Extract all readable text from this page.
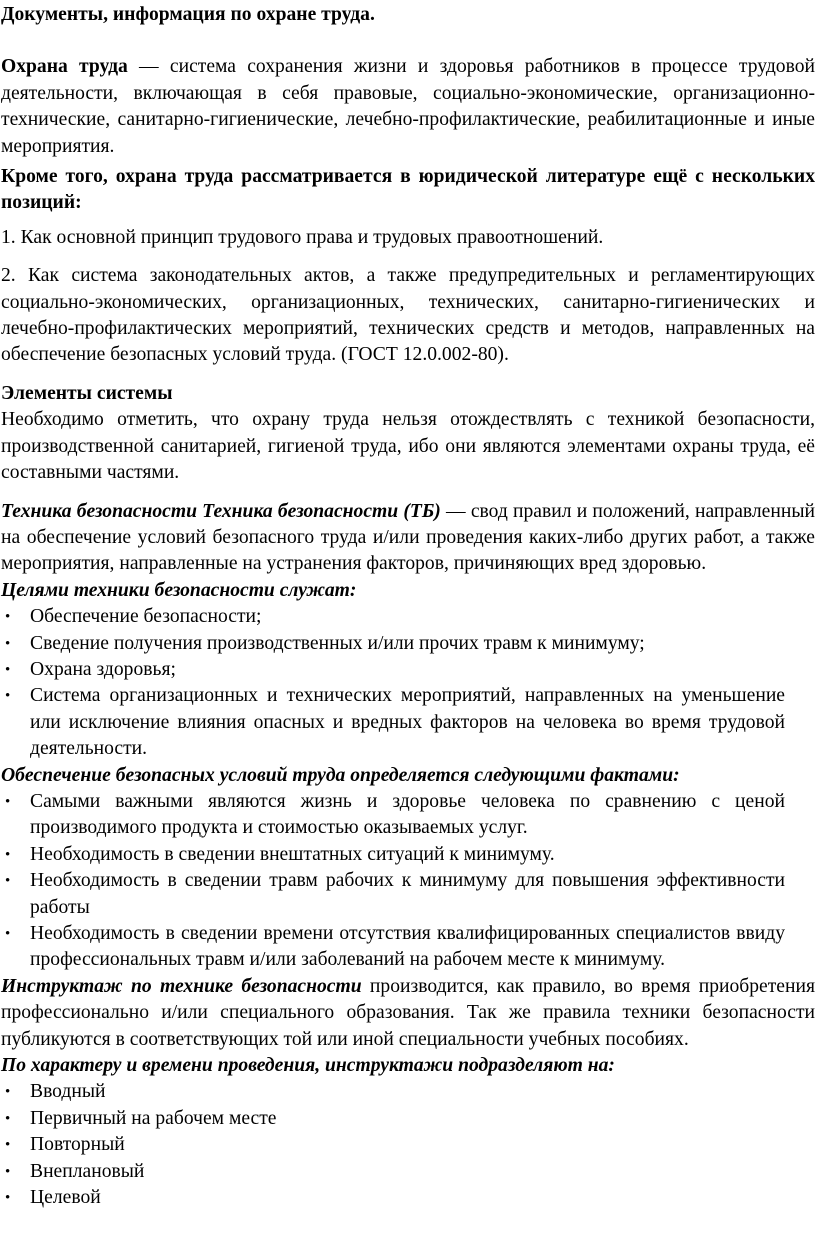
Документы, информация по охране труда.

Охрана труда — система сохранения жизни и здоровья работников в процессе трудовой деятельности, включающая в себя правовые, социально-экономические, организационно-технические, санитарно-гигиенические, лечебно-профилактические, реабилитационные и иные мероприятия.

Кроме того, охрана труда рассматривается в юридической литературе ещё с нескольких позиций:

1. Как основной принцип трудового права и трудовых правоотношений.

2. Как система законодательных актов, а также предупредительных и регламентирующих социально-экономических, организационных, технических, санитарно-гигиенических и лечебно-профилактических мероприятий, технических средств и методов, направленных на обеспечение безопасных условий труда. (ГОСТ 12.0.002-80).

Элементы системы

Необходимо отметить, что охрану труда нельзя отождествлять с техникой безопасности, производственной санитарией, гигиеной труда, ибо они являются элементами охраны труда, её составными частями.

Техника безопасности Техника безопасности (ТБ) — свод правил и положений, направленный на обеспечение условий безопасного труда и/или проведения каких-либо других работ, а также мероприятия, направленные на устранения факторов, причиняющих вред здоровью.

Целями техники безопасности служат:

• Обеспечение безопасности;
• Сведение получения производственных и/или прочих травм к минимуму;
• Охрана здоровья;
• Система организационных и технических мероприятий, направленных на уменьшение или исключение влияния опасных и вредных факторов на человека во время трудовой деятельности.

Обеспечение безопасных условий труда определяется следующими фактами:

• Самыми важными являются жизнь и здоровье человека по сравнению с ценой производимого продукта и стоимостью оказываемых услуг.
• Необходимость в сведении внештатных ситуаций к минимуму.
• Необходимость в сведении травм рабочих к минимуму для повышения эффективности работы
• Необходимость в сведении времени отсутствия квалифицированных специалистов ввиду профессиональных травм и/или заболеваний на рабочем месте к минимуму.

Инструктаж по технике безопасности производится, как правило, во время приобретения профессионально и/или специального образования. Так же правила техники безопасности публикуются в соответствующих той или иной специальности учебных пособиях.

По характеру и времени проведения, инструктажи подразделяют на:

• Вводный
• Первичный на рабочем месте
• Повторный
• Внеплановый
• Целевой
